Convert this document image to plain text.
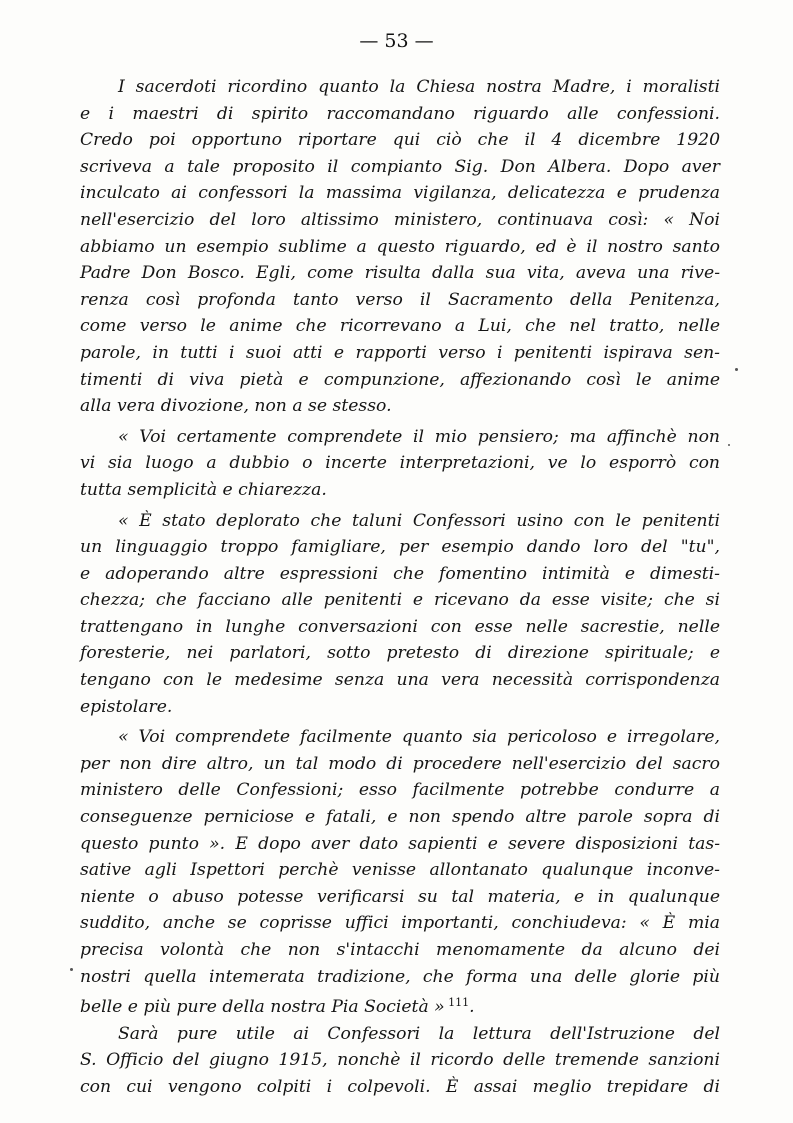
— 53 —
I sacerdoti ricordino quanto la Chiesa nostra Madre, i moralisti
e i maestri di spirito raccomandano riguardo alle confessioni.
Credo poi opportuno riportare qui ciò che il 4 dicembre 1920
scriveva a tale proposito il compianto Sig. Don Albera. Dopo aver
inculcato ai confessori la massima vigilanza, delicatezza e prudenza
nell'esercizio del loro altissimo ministero, continuava così: « Noi
abbiamo un esempio sublime a questo riguardo, ed è il nostro santo
Padre Don Bosco. Egli, come risulta dalla sua vita, aveva una rive-
renza così profonda tanto verso il Sacramento della Penitenza,
come verso le anime che ricorrevano a Lui, che nel tratto, nelle
parole, in tutti i suoi atti e rapporti verso i penitenti ispirava sen-
timenti di viva pietà e compunzione, affezionando così le anime
alla vera divozione, non a se stesso.
« Voi certamente comprendete il mio pensiero; ma affinchè non
vi sia luogo a dubbio o incerte interpretazioni, ve lo esporrò con
tutta semplicità e chiarezza.
« È stato deplorato che taluni Confessori usino con le penitenti
un linguaggio troppo famigliare, per esempio dando loro del "tu",
e adoperando altre espressioni che fomentino intimità e dimesti-
chezza; che facciano alle penitenti e ricevano da esse visite; che si
trattengano in lunghe conversazioni con esse nelle sacrestie, nelle
foresterie, nei parlatori, sotto pretesto di direzione spirituale; e
tengano con le medesime senza una vera necessità corrispondenza
epistolare.
« Voi comprendete facilmente quanto sia pericoloso e irregolare,
per non dire altro, un tal modo di procedere nell'esercizio del sacro
ministero delle Confessioni; esso facilmente potrebbe condurre a
conseguenze perniciose e fatali, e non spendo altre parole sopra di
questo punto ». E dopo aver dato sapienti e severe disposizioni tas-
sative agli Ispettori perchè venisse allontanato qualunque inconve-
niente o abuso potesse verificarsi su tal materia, e in qualunque
suddito, anche se coprisse uffici importanti, conchiudeva: « È mia
precisa volontà che non s'intacchi menomamente da alcuno dei
nostri quella intemerata tradizione, che forma una delle glorie più
belle e più pure della nostra Pia Società » $^{111}$.
Sarà pure utile ai Confessori la lettura dell'Istruzione del
S. Officio del giugno 1915, nonchè il ricordo delle tremende sanzioni
con cui vengono colpiti i colpevoli. È assai meglio trepidare di
